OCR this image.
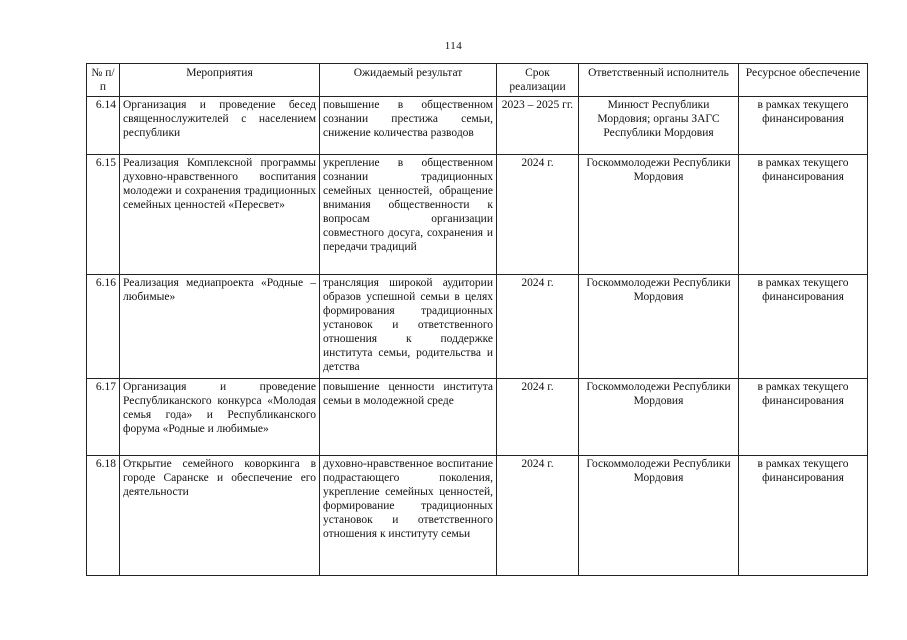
114
№ п/п	Мероприятия	Ожидаемый результат	Срок реализации	Ответственный исполнитель	Ресурсное обеспечение
6.14	Организация и проведение бесед священнослужителей с населением республики	повышение в общественном сознании престижа семьи, снижение количества разводов	2023 – 2025 гг.	Минюст Республики Мордовия; органы ЗАГС Республики Мордовия	в рамках текущего финансирования
6.15	Реализация Комплексной программы духовно-нравственного воспитания молодежи и сохранения традиционных семейных ценностей «Пересвет»	укрепление в общественном сознании традиционных семейных ценностей, обращение внимания общественности к вопросам организации совместного досуга, сохранения и передачи традиций	2024 г.	Госкоммолодежи Республики Мордовия	в рамках текущего финансирования
6.16	Реализация медиапроекта «Родные – любимые»	трансляция широкой аудитории образов успешной семьи в целях формирования традиционных установок и ответственного отношения к поддержке института семьи, родительства и детства	2024 г.	Госкоммолодежи Республики Мордовия	в рамках текущего финансирования
6.17	Организация и проведение Республиканского конкурса «Молодая семья года» и Республиканского форума «Родные и любимые»	повышение ценности института семьи в молодежной среде	2024 г.	Госкоммолодежи Республики Мордовия	в рамках текущего финансирования
6.18	Открытие семейного коворкинга в городе Саранске и обеспечение его деятельности	духовно-нравственное воспитание подрастающего поколения, укрепление семейных ценностей, формирование традиционных установок и ответственного отношения к институту семьи	2024 г.	Госкоммолодежи Республики Мордовия	в рамках текущего финансирования
